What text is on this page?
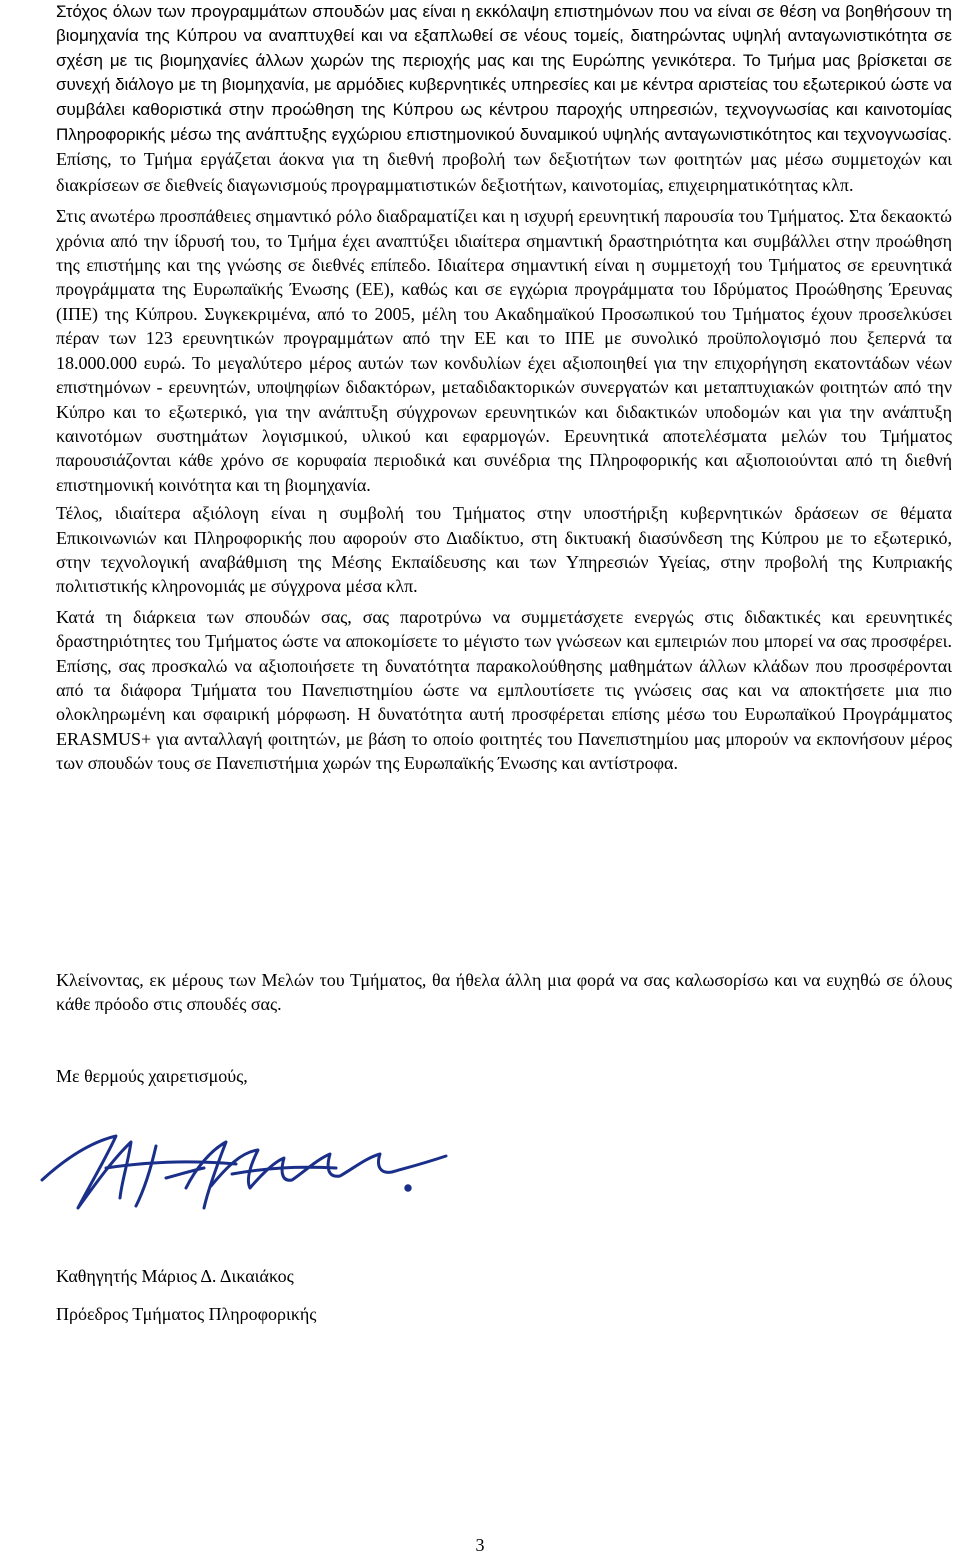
Στόχος όλων των προγραμμάτων σπουδών μας είναι η εκκόλαψη επιστημόνων που να είναι σε θέση να βοηθήσουν τη βιομηχανία της Κύπρου να αναπτυχθεί και να εξαπλωθεί σε νέους τομείς, διατηρώντας υψηλή ανταγωνιστικότητα σε σχέση με τις βιομηχανίες άλλων χωρών της περιοχής μας και της Ευρώπης γενικότερα. Το Τμήμα μας βρίσκεται σε συνεχή διάλογο με τη βιομηχανία, με αρμόδιες κυβερνητικές υπηρεσίες και με κέντρα αριστείας του εξωτερικού ώστε να συμβάλει καθοριστικά στην προώθηση της Κύπρου ως κέντρου παροχής υπηρεσιών, τεχνογνωσίας και καινοτομίας Πληροφορικής μέσω της ανάπτυξης εγχώριου επιστημονικού δυναμικού υψηλής ανταγωνιστικότητος και τεχνογνωσίας. Επίσης, το Τμήμα εργάζεται άοκνα για τη διεθνή προβολή των δεξιοτήτων των φοιτητών μας μέσω συμμετοχών και διακρίσεων σε διεθνείς διαγωνισμούς προγραμματιστικών δεξιοτήτων, καινοτομίας, επιχειρηματικότητας κλπ.

Στις ανωτέρω προσπάθειες σημαντικό ρόλο διαδραματίζει και η ισχυρή ερευνητική παρουσία του Τμήματος. Στα δεκαοκτώ χρόνια από την ίδρυσή του, το Τμήμα έχει αναπτύξει ιδιαίτερα σημαντική δραστηριότητα και συμβάλλει στην προώθηση της επιστήμης και της γνώσης σε διεθνές επίπεδο. Ιδιαίτερα σημαντική είναι η συμμετοχή του Τμήματος σε ερευνητικά προγράμματα της Ευρωπαϊκής Ένωσης (ΕΕ), καθώς και σε εγχώρια προγράμματα του Ιδρύματος Προώθησης Έρευνας (ΙΠΕ) της Κύπρου. Συγκεκριμένα, από το 2005, μέλη του Ακαδημαϊκού Προσωπικού του Τμήματος έχουν προσελκύσει πέραν των 123 ερευνητικών προγραμμάτων από την ΕΕ και το ΙΠΕ με συνολικό προϋπολογισμό που ξεπερνά τα 18.000.000 ευρώ. Το μεγαλύτερο μέρος αυτών των κονδυλίων έχει αξιοποιηθεί για την επιχορήγηση εκατοντάδων νέων επιστημόνων - ερευνητών, υποψηφίων διδακτόρων, μεταδιδακτορικών συνεργατών και μεταπτυχιακών φοιτητών από την Κύπρο και το εξωτερικό, για την ανάπτυξη σύγχρονων ερευνητικών και διδακτικών υποδομών και για την ανάπτυξη καινοτόμων συστημάτων λογισμικού, υλικού και εφαρμογών. Ερευνητικά αποτελέσματα μελών του Τμήματος παρουσιάζονται κάθε χρόνο σε κορυφαία περιοδικά και συνέδρια της Πληροφορικής και αξιοποιούνται από τη διεθνή επιστημονική κοινότητα και τη βιομηχανία.

Τέλος, ιδιαίτερα αξιόλογη είναι η συμβολή του Τμήματος στην υποστήριξη κυβερνητικών δράσεων σε θέματα Επικοινωνιών και Πληροφορικής που αφορούν στο Διαδίκτυο, στη δικτυακή διασύνδεση της Κύπρου με το εξωτερικό, στην τεχνολογική αναβάθμιση της Μέσης Εκπαίδευσης και των Υπηρεσιών Υγείας, στην προβολή της Κυπριακής πολιτιστικής κληρονομιάς με σύγχρονα μέσα κλπ.

Κατά τη διάρκεια των σπουδών σας, σας παροτρύνω να συμμετάσχετε ενεργώς στις διδακτικές και ερευνητικές δραστηριότητες του Τμήματος ώστε να αποκομίσετε το μέγιστο των γνώσεων και εμπειριών που μπορεί να σας προσφέρει. Επίσης, σας προσκαλώ να αξιοποιήσετε τη δυνατότητα παρακολούθησης μαθημάτων άλλων κλάδων που προσφέρονται από τα διάφορα Τμήματα του Πανεπιστημίου ώστε να εμπλουτίσετε τις γνώσεις σας και να αποκτήσετε μια πιο ολοκληρωμένη και σφαιρική μόρφωση. Η δυνατότητα αυτή προσφέρεται επίσης μέσω του Ευρωπαϊκού Προγράμματος ERASMUS+ για ανταλλαγή φοιτητών, με βάση το οποίο φοιτητές του Πανεπιστημίου μας μπορούν να εκπονήσουν μέρος των σπουδών τους σε Πανεπιστήμια χωρών της Ευρωπαϊκής Ένωσης και αντίστροφα.

Κλείνοντας, εκ μέρους των Μελών του Τμήματος, θα ήθελα άλλη μια φορά να σας καλωσορίσω και να ευχηθώ σε όλους κάθε πρόοδο στις σπουδές σας.

Με θερμούς χαιρετισμούς,
Καθηγητής Μάριος Δ. Δικαιάκος
Πρόεδρος Τμήματος Πληροφορικής
3
